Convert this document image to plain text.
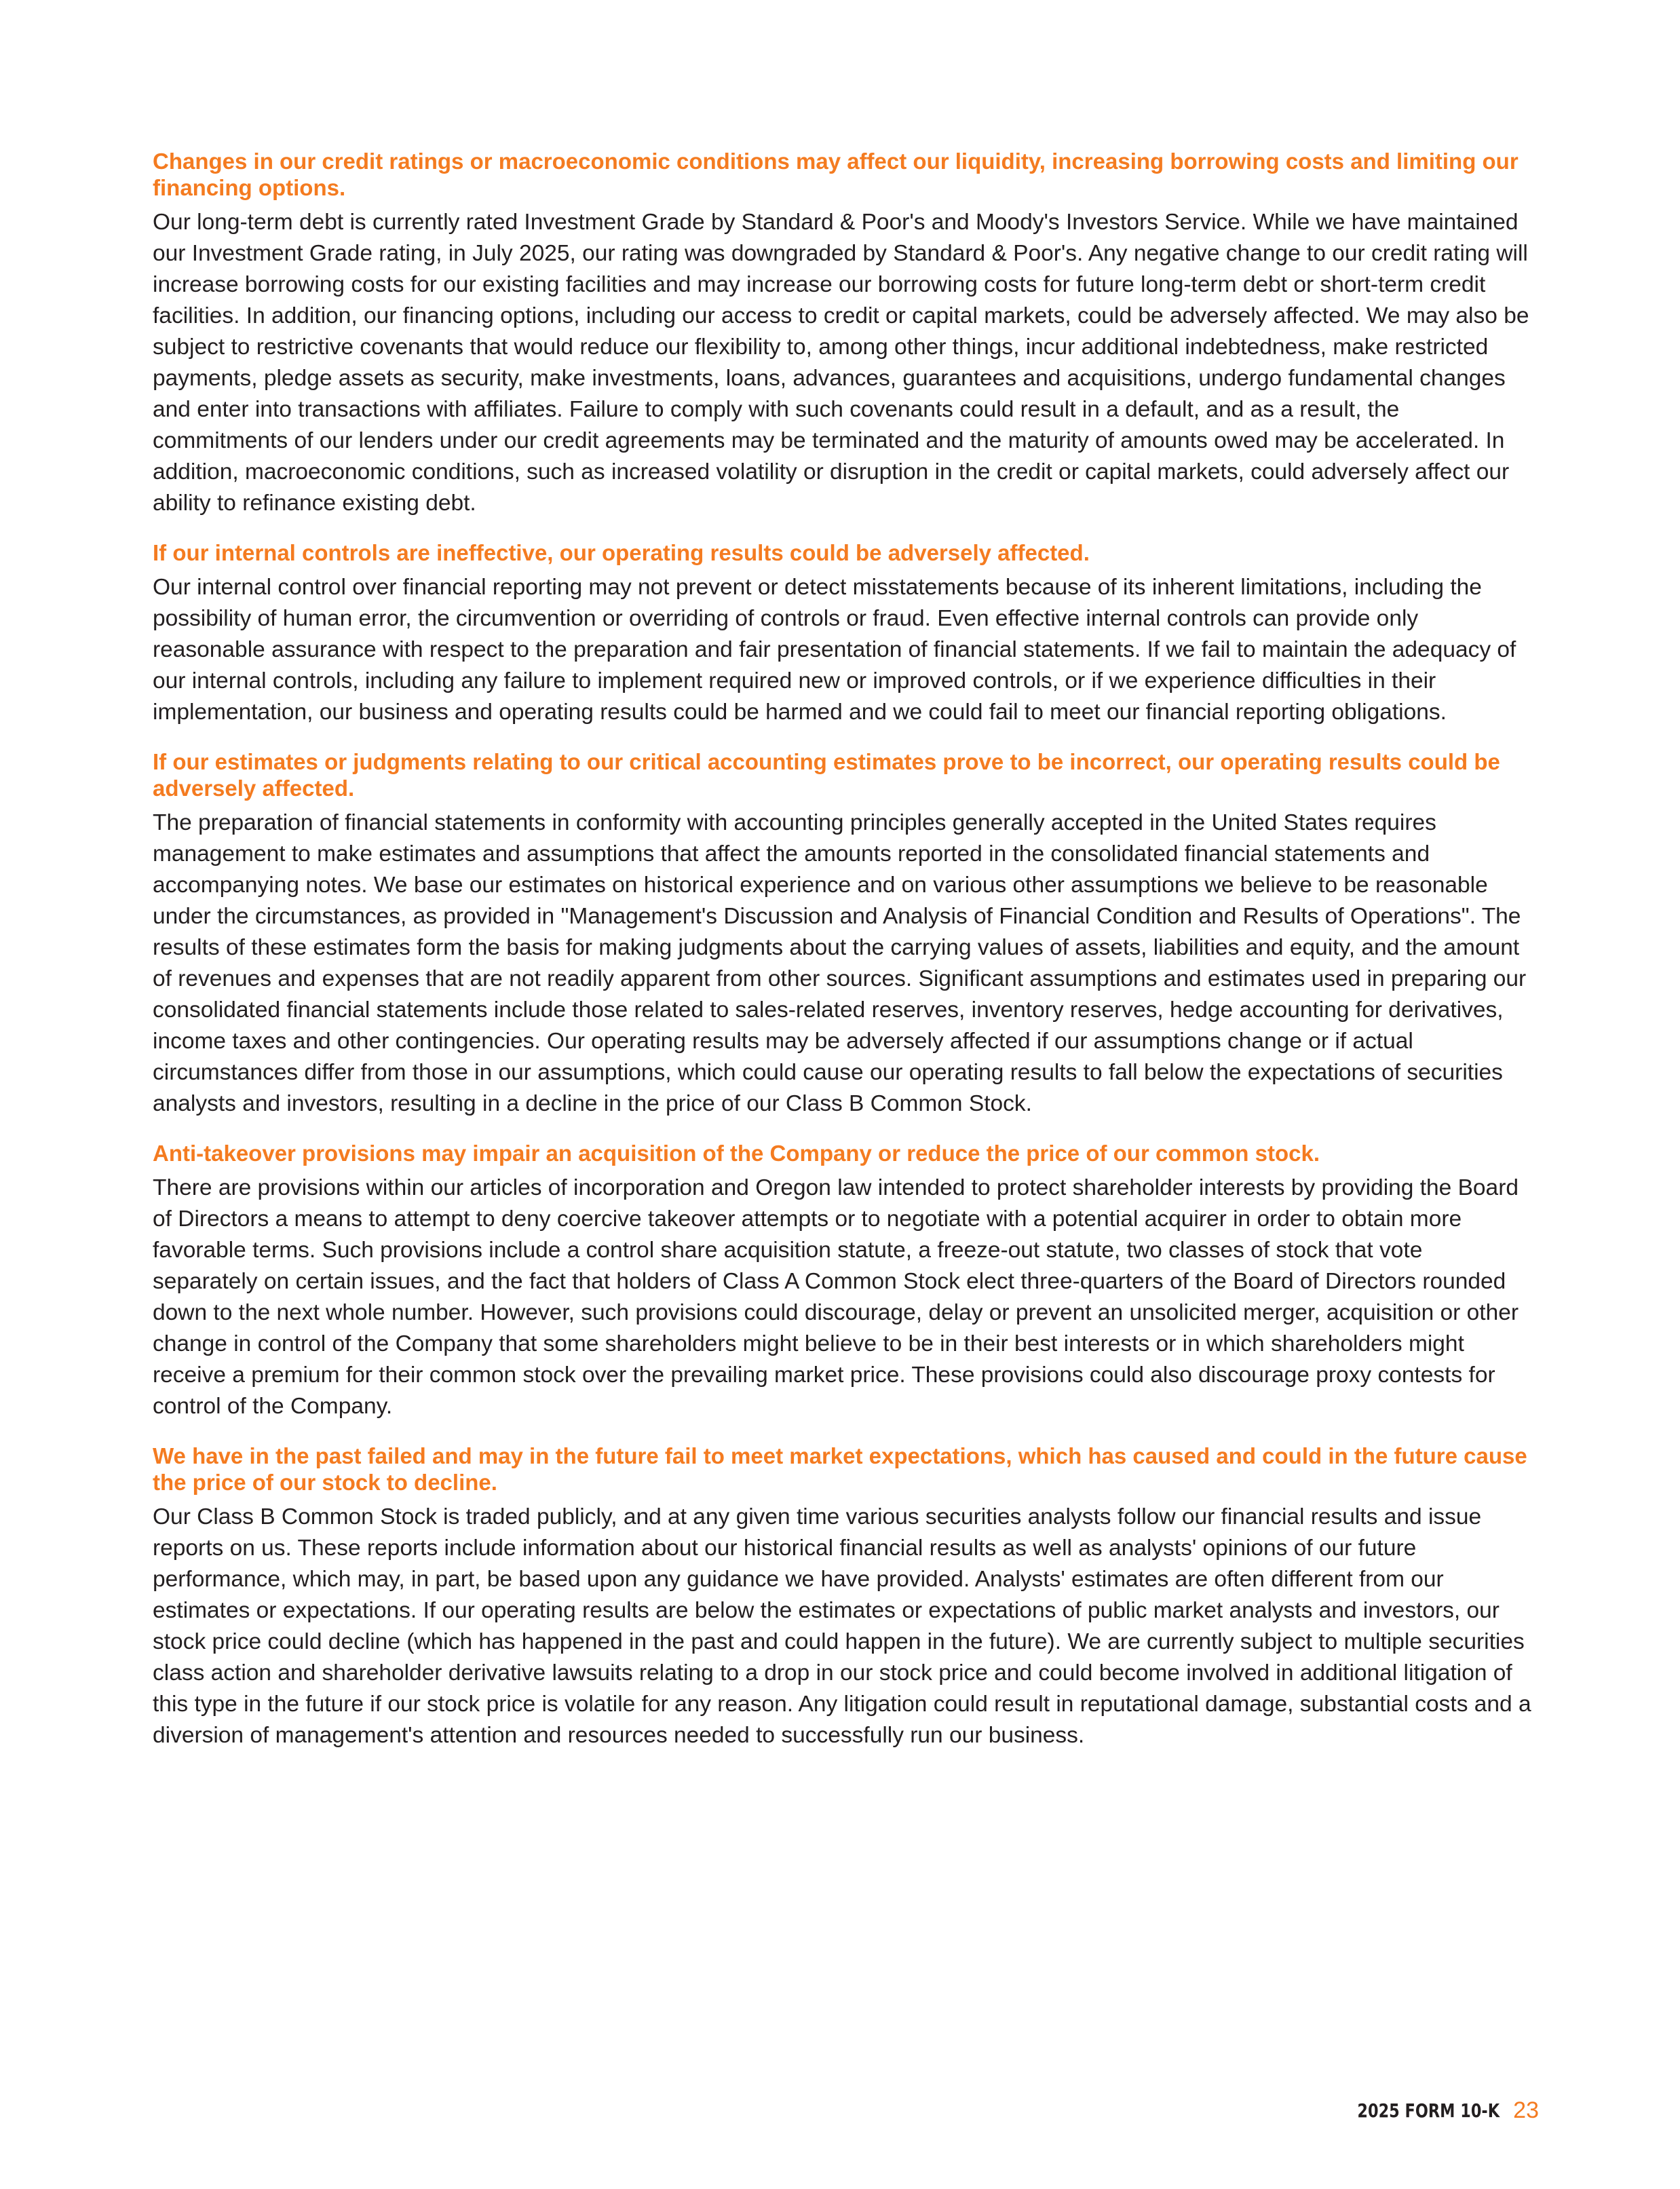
Changes in our credit ratings or macroeconomic conditions may affect our liquidity, increasing borrowing costs and limiting our financing options.

Our long-term debt is currently rated Investment Grade by Standard & Poor's and Moody's Investors Service. While we have maintained our Investment Grade rating, in July 2025, our rating was downgraded by Standard & Poor's. Any negative change to our credit rating will increase borrowing costs for our existing facilities and may increase our borrowing costs for future long-term debt or short-term credit facilities. In addition, our financing options, including our access to credit or capital markets, could be adversely affected. We may also be subject to restrictive covenants that would reduce our flexibility to, among other things, incur additional indebtedness, make restricted payments, pledge assets as security, make investments, loans, advances, guarantees and acquisitions, undergo fundamental changes and enter into transactions with affiliates. Failure to comply with such covenants could result in a default, and as a result, the commitments of our lenders under our credit agreements may be terminated and the maturity of amounts owed may be accelerated. In addition, macroeconomic conditions, such as increased volatility or disruption in the credit or capital markets, could adversely affect our ability to refinance existing debt.

If our internal controls are ineffective, our operating results could be adversely affected.

Our internal control over financial reporting may not prevent or detect misstatements because of its inherent limitations, including the possibility of human error, the circumvention or overriding of controls or fraud. Even effective internal controls can provide only reasonable assurance with respect to the preparation and fair presentation of financial statements. If we fail to maintain the adequacy of our internal controls, including any failure to implement required new or improved controls, or if we experience difficulties in their implementation, our business and operating results could be harmed and we could fail to meet our financial reporting obligations.

If our estimates or judgments relating to our critical accounting estimates prove to be incorrect, our operating results could be adversely affected.

The preparation of financial statements in conformity with accounting principles generally accepted in the United States requires management to make estimates and assumptions that affect the amounts reported in the consolidated financial statements and accompanying notes. We base our estimates on historical experience and on various other assumptions we believe to be reasonable under the circumstances, as provided in "Management's Discussion and Analysis of Financial Condition and Results of Operations". The results of these estimates form the basis for making judgments about the carrying values of assets, liabilities and equity, and the amount of revenues and expenses that are not readily apparent from other sources. Significant assumptions and estimates used in preparing our consolidated financial statements include those related to sales-related reserves, inventory reserves, hedge accounting for derivatives, income taxes and other contingencies. Our operating results may be adversely affected if our assumptions change or if actual circumstances differ from those in our assumptions, which could cause our operating results to fall below the expectations of securities analysts and investors, resulting in a decline in the price of our Class B Common Stock.

Anti-takeover provisions may impair an acquisition of the Company or reduce the price of our common stock.

There are provisions within our articles of incorporation and Oregon law intended to protect shareholder interests by providing the Board of Directors a means to attempt to deny coercive takeover attempts or to negotiate with a potential acquirer in order to obtain more favorable terms. Such provisions include a control share acquisition statute, a freeze-out statute, two classes of stock that vote separately on certain issues, and the fact that holders of Class A Common Stock elect three-quarters of the Board of Directors rounded down to the next whole number. However, such provisions could discourage, delay or prevent an unsolicited merger, acquisition or other change in control of the Company that some shareholders might believe to be in their best interests or in which shareholders might receive a premium for their common stock over the prevailing market price. These provisions could also discourage proxy contests for control of the Company.

We have in the past failed and may in the future fail to meet market expectations, which has caused and could in the future cause the price of our stock to decline.

Our Class B Common Stock is traded publicly, and at any given time various securities analysts follow our financial results and issue reports on us. These reports include information about our historical financial results as well as analysts' opinions of our future performance, which may, in part, be based upon any guidance we have provided. Analysts' estimates are often different from our estimates or expectations. If our operating results are below the estimates or expectations of public market analysts and investors, our stock price could decline (which has happened in the past and could happen in the future). We are currently subject to multiple securities class action and shareholder derivative lawsuits relating to a drop in our stock price and could become involved in additional litigation of this type in the future if our stock price is volatile for any reason. Any litigation could result in reputational damage, substantial costs and a diversion of management's attention and resources needed to successfully run our business.

2025 FORM 10-K 23
